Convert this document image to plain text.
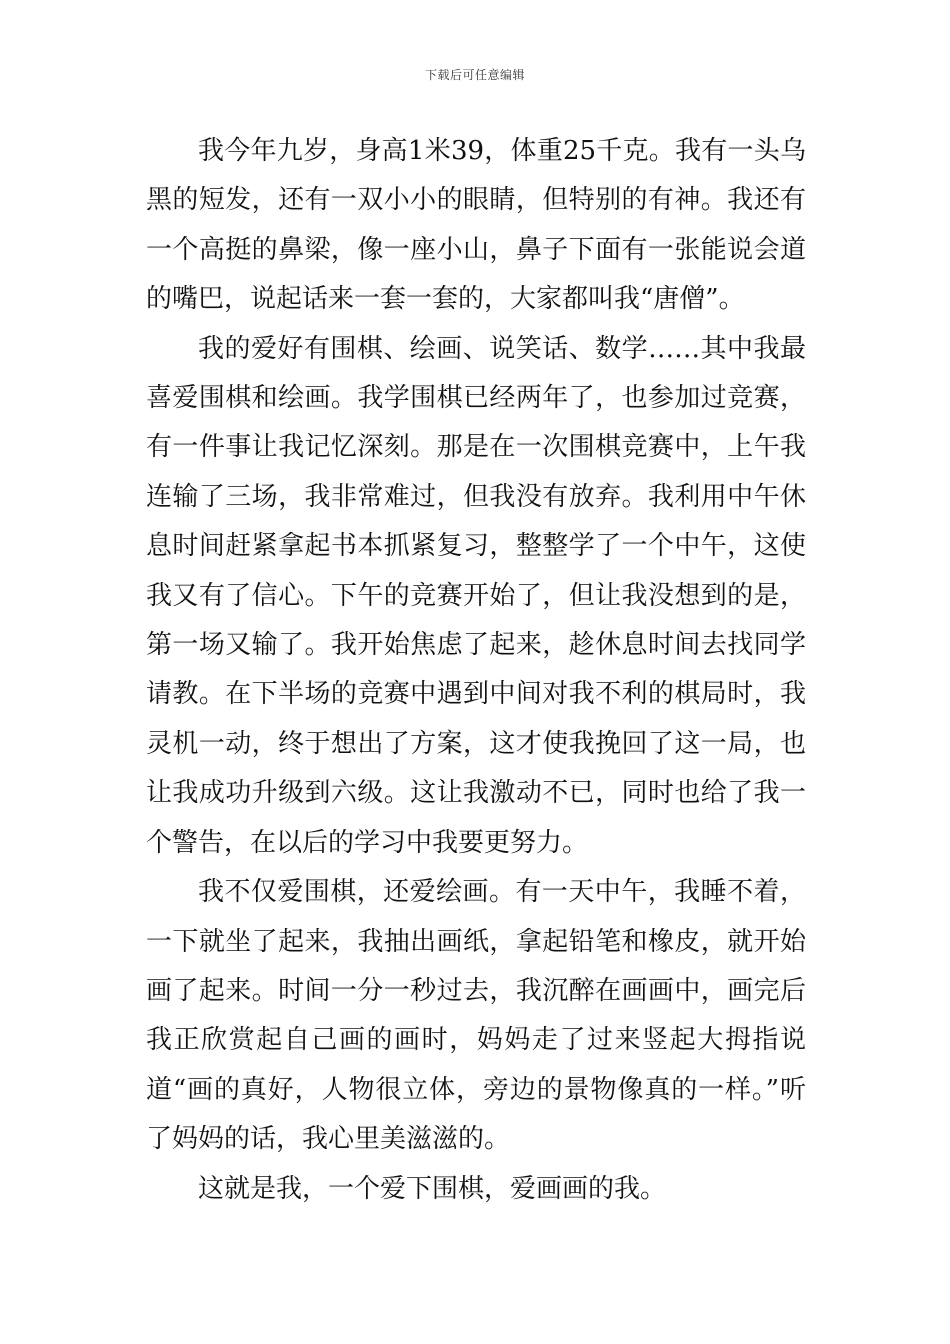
下载后可任意编辑

我今年九岁，身高1米39，体重25千克。我有一头乌黑的短发，还有一双小小的眼睛，但特别的有神。我还有一个高挺的鼻梁，像一座小山，鼻子下面有一张能说会道的嘴巴，说起话来一套一套的，大家都叫我“唐僧”。

我的爱好有围棋、绘画、说笑话、数学……其中我最喜爱围棋和绘画。我学围棋已经两年了，也参加过竞赛，有一件事让我记忆深刻。那是在一次围棋竞赛中，上午我连输了三场，我非常难过，但我没有放弃。我利用中午休息时间赶紧拿起书本抓紧复习，整整学了一个中午，这使我又有了信心。下午的竞赛开始了，但让我没想到的是，第一场又输了。我开始焦虑了起来，趁休息时间去找同学请教。在下半场的竞赛中遇到中间对我不利的棋局时，我灵机一动，终于想出了方案，这才使我挽回了这一局，也让我成功升级到六级。这让我激动不已，同时也给了我一个警告，在以后的学习中我要更努力。

我不仅爱围棋，还爱绘画。有一天中午，我睡不着，一下就坐了起来，我抽出画纸，拿起铅笔和橡皮，就开始画了起来。时间一分一秒过去，我沉醉在画画中，画完后我正欣赏起自己画的画时，妈妈走了过来竖起大拇指说道“画的真好，人物很立体，旁边的景物像真的一样。”听了妈妈的话，我心里美滋滋的。

这就是我，一个爱下围棋，爱画画的我。
